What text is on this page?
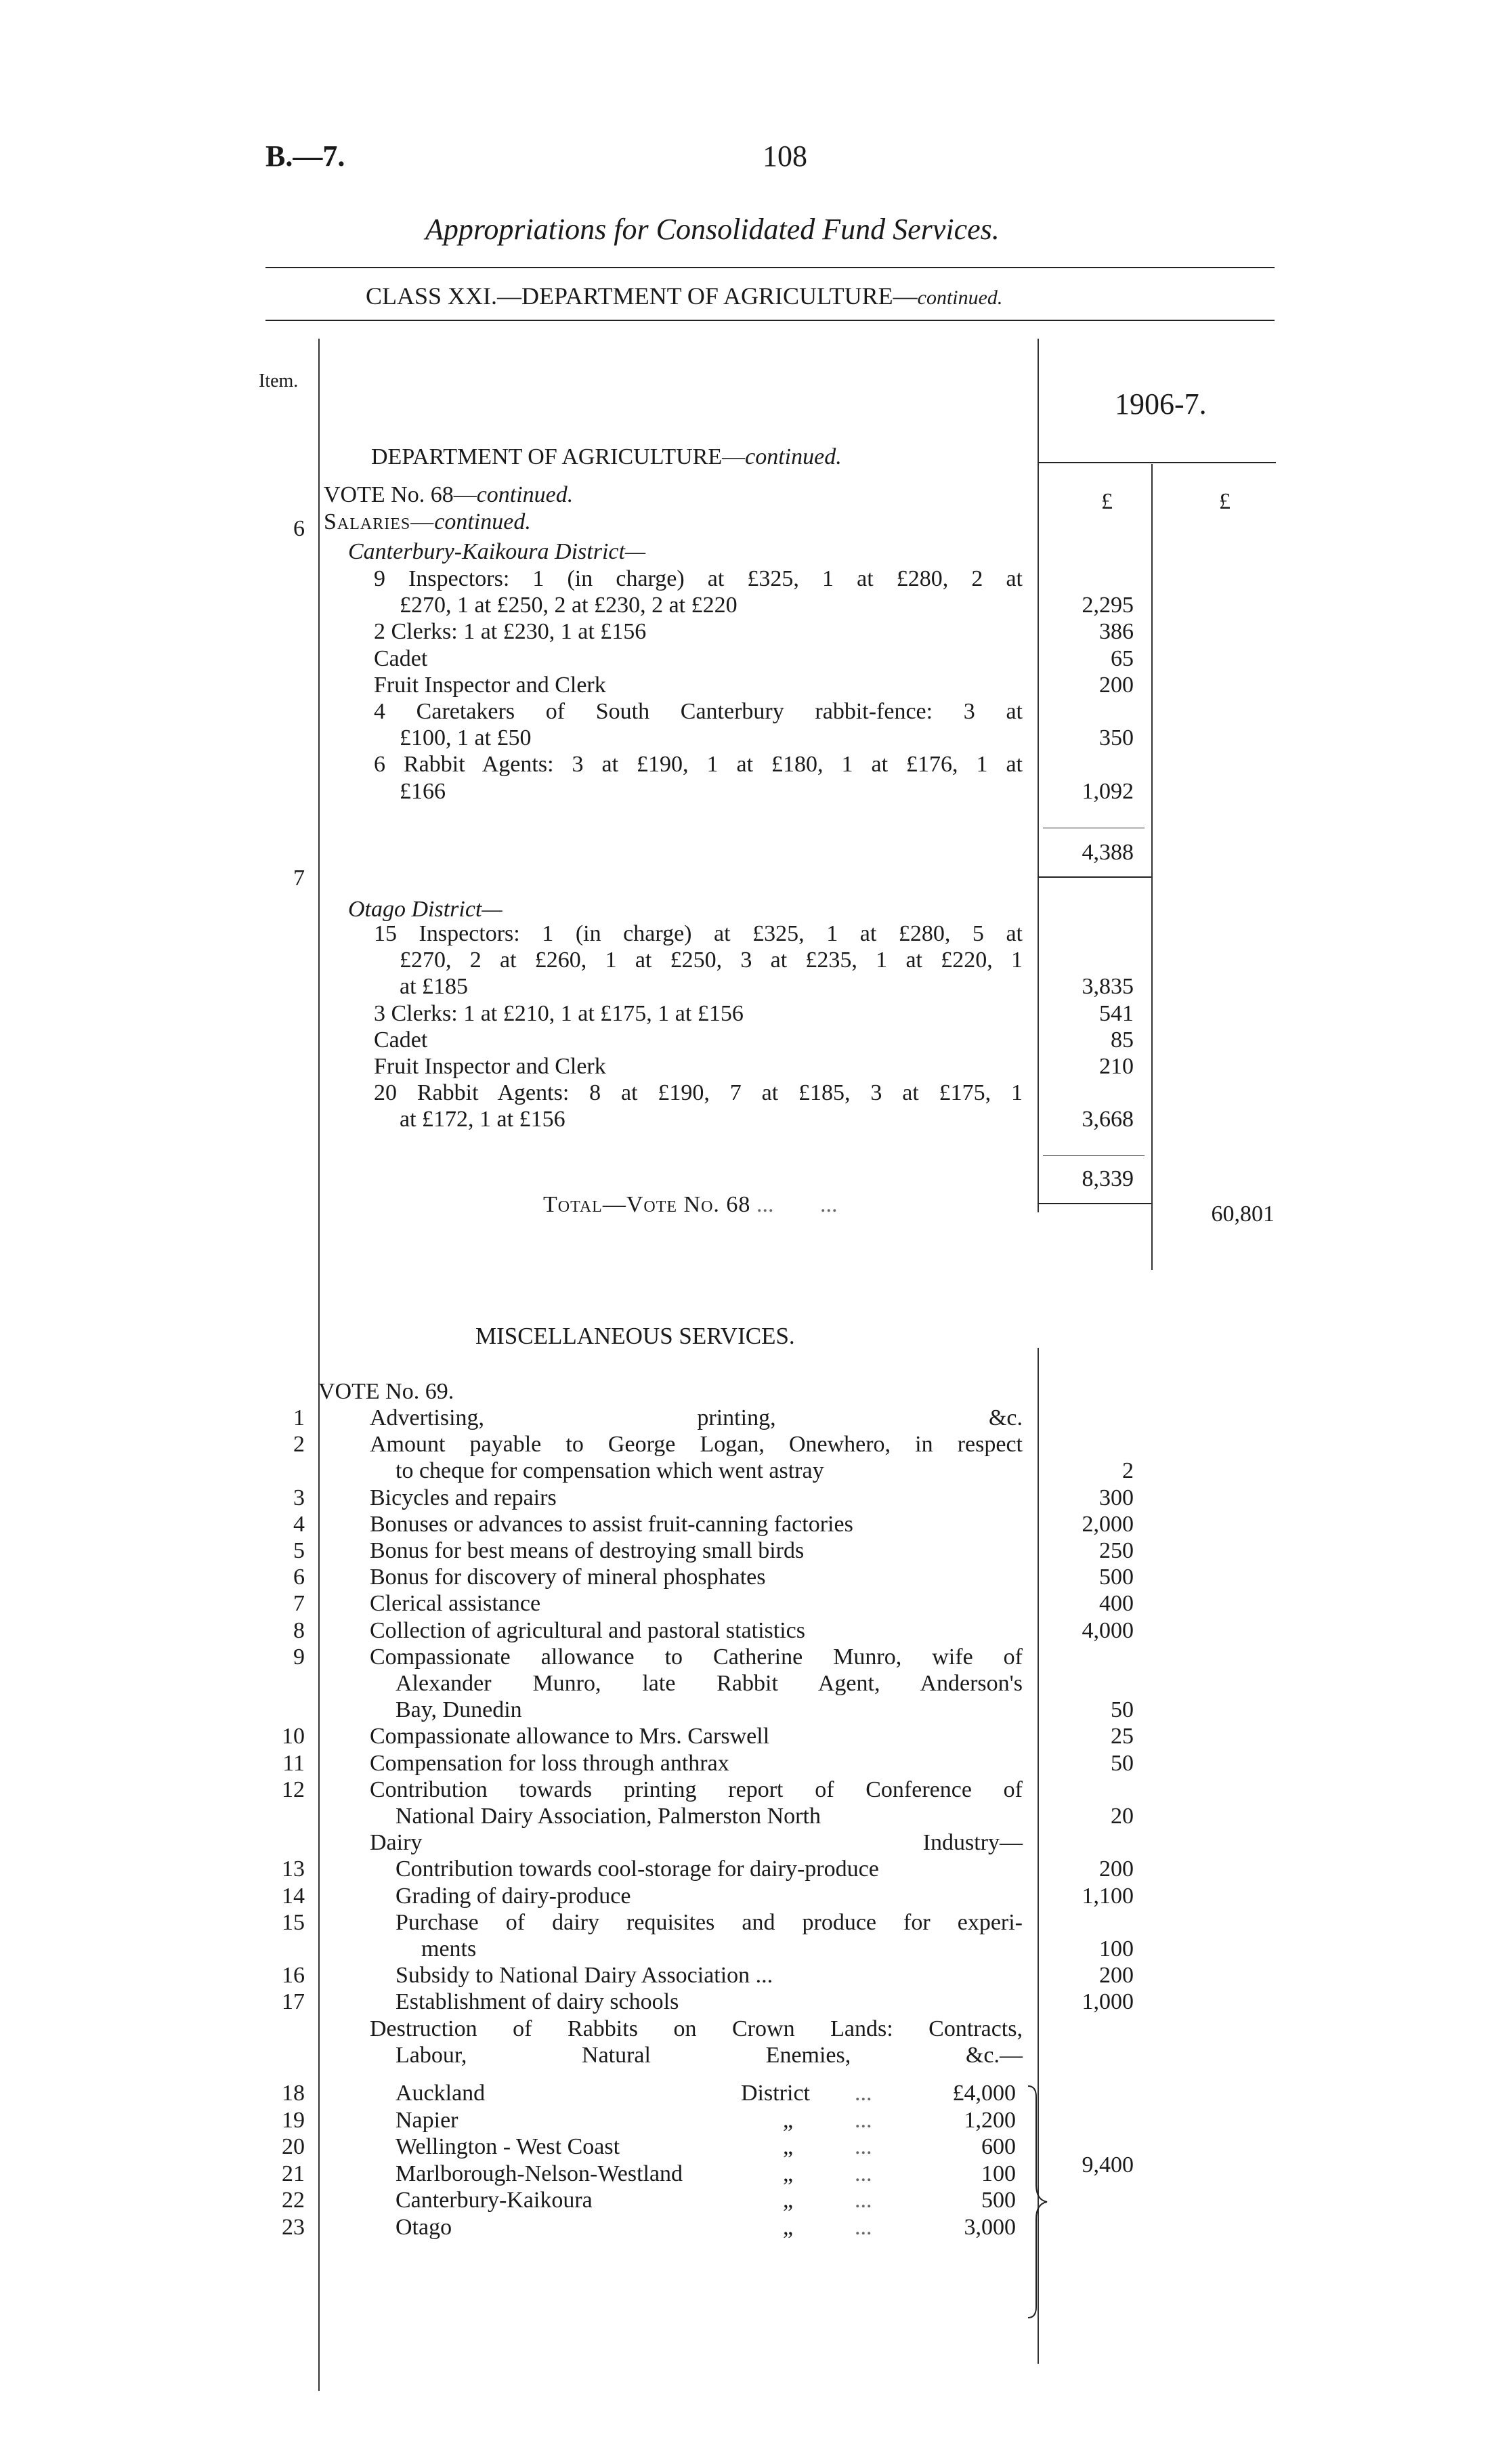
B.—7.	108
Appropriations for Consolidated Fund Services.
CLASS XXI.—DEPARTMENT OF AGRICULTURE—continued.
Item.
1906-7.
£	£
DEPARTMENT OF AGRICULTURE—continued.
VOTE No. 68—continued.
Salaries—continued.
6
Canterbury-Kaikoura District—
9 Inspectors: 1 (in charge) at £325, 1 at £280, 2 at
£270, 1 at £250, 2 at £230, 2 at £220	2,295
2 Clerks: 1 at £230, 1 at £156	386
Cadet	65
Fruit Inspector and Clerk	200
4 Caretakers of South Canterbury rabbit-fence: 3 at
£100, 1 at £50	350
6 Rabbit Agents: 3 at £190, 1 at £180, 1 at £176, 1 at
£166	1,092
4,388
7
Otago District—
15 Inspectors: 1 (in charge) at £325, 1 at £280, 5 at
£270, 2 at £260, 1 at £250, 3 at £235, 1 at £220, 1
at £185	3,835
3 Clerks: 1 at £210, 1 at £175, 1 at £156	541
Cadet	85
Fruit Inspector and Clerk	210
20 Rabbit Agents: 8 at £190, 7 at £185, 3 at £175, 1
at £172, 1 at £156	3,668
8,339
Total—Vote No. 68 ... ...	60,801
MISCELLANEOUS SERVICES.
VOTE No. 69.
1	Advertising, printing, &c.
2	Amount payable to George Logan, Onewhero, in respect
to cheque for compensation which went astray	2
3	Bicycles and repairs	300
4	Bonuses or advances to assist fruit-canning factories	2,000
5	Bonus for best means of destroying small birds	250
6	Bonus for discovery of mineral phosphates	500
7	Clerical assistance	400
8	Collection of agricultural and pastoral statistics	4,000
9	Compassionate allowance to Catherine Munro, wife of
Alexander Munro, late Rabbit Agent, Anderson's
Bay, Dunedin	50
10	Compassionate allowance to Mrs. Carswell	25
11	Compensation for loss through anthrax	50
12	Contribution towards printing report of Conference of
National Dairy Association, Palmerston North	20
Dairy Industry—
13	Contribution towards cool-storage for dairy-produce	200
14	Grading of dairy-produce	1,100
15	Purchase of dairy requisites and produce for experi-
ments	100
16	Subsidy to National Dairy Association ...	200
17	Establishment of dairy schools	1,000
Destruction of Rabbits on Crown Lands: Contracts,
Labour, Natural Enemies, &c.—
18	Auckland	District ...	£4,000
19	Napier	„	...	1,200
20	Wellington - West Coast	„	...	600
21	Marlborough-Nelson-Westland	„	...	100
22	Canterbury-Kaikoura	„	...	500
23	Otago	„	...	3,000
9,400
